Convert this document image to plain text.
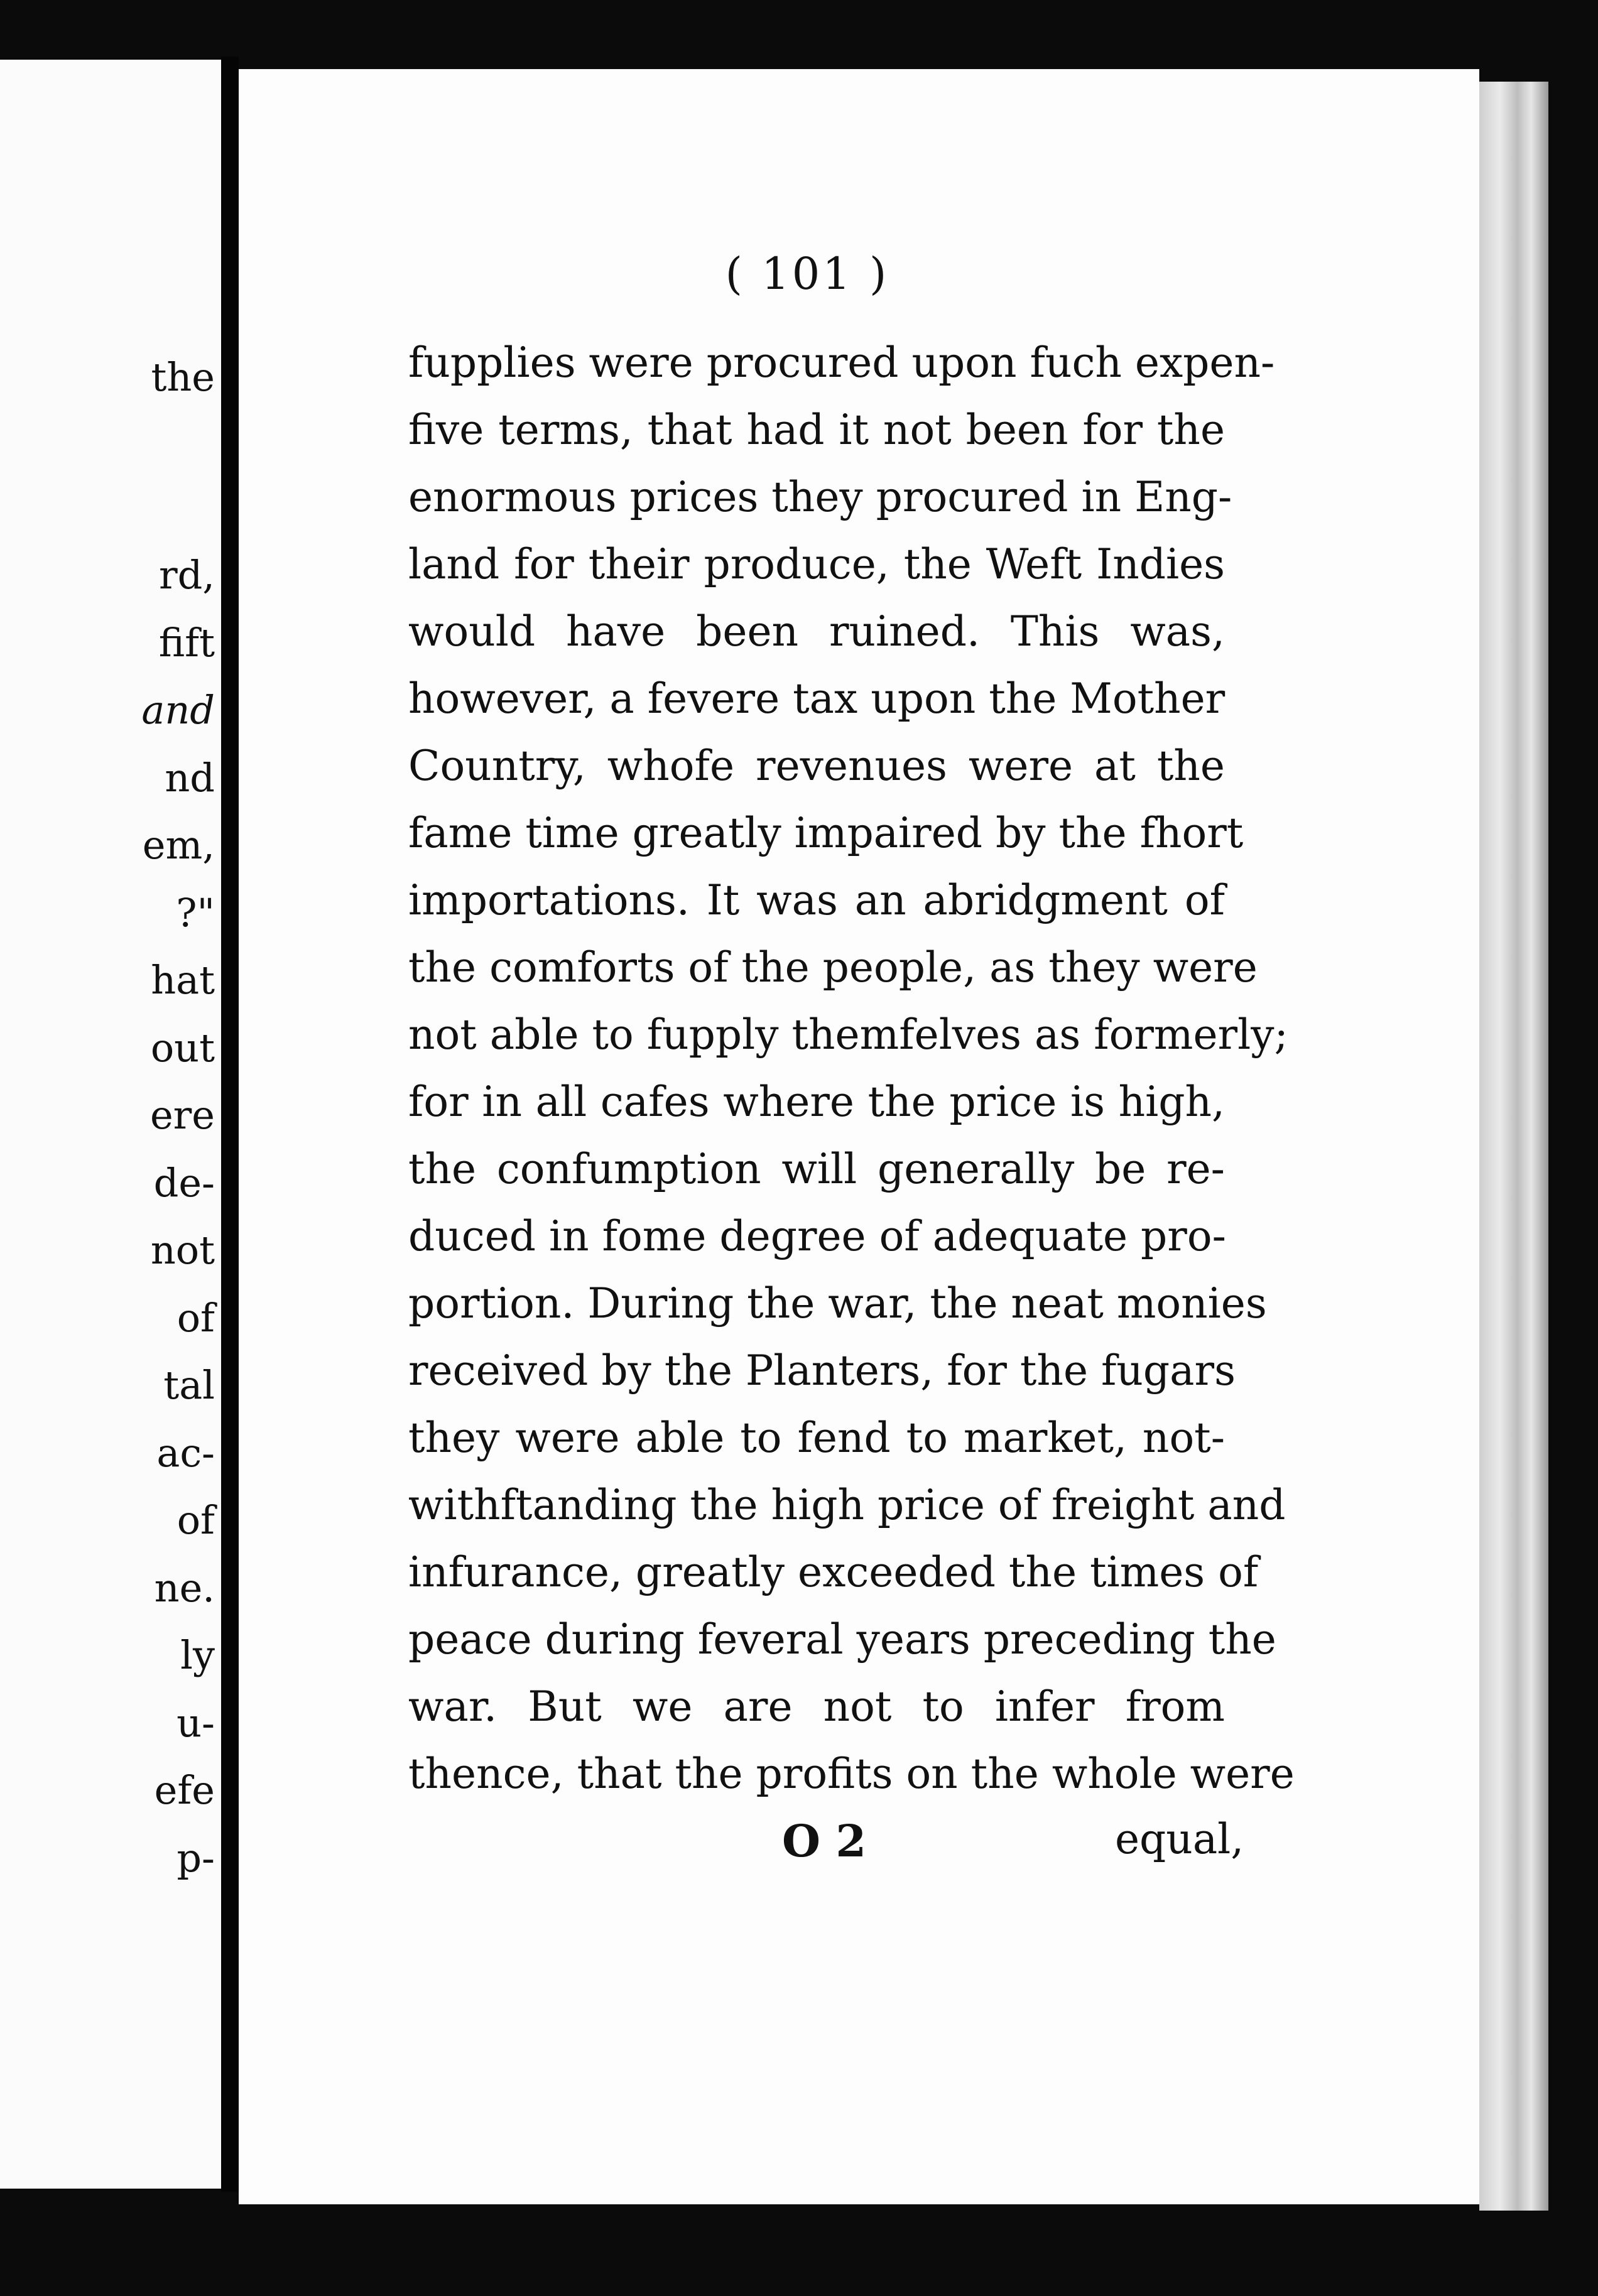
the
rd,
fift
and
nd
em,
?"
hat
out
ere
de-
not
of
tal
ac-
of
ne.
ly
u-
efe
p-
( 101 )
fupplies were procured upon fuch expen-
five terms, that had it not been for the
enormous prices they procured in Eng-
land for their produce, the Weft Indies
would have been ruined. This was,
however, a fevere tax upon the Mother
Country, whofe revenues were at the
fame time greatly impaired by the fhort
importations. It was an abridgment of
the comforts of the people, as they were
not able to fupply themfelves as formerly;
for in all cafes where the price is high,
the confumption will generally be re-
duced in fome degree of adequate pro-
portion. During the war, the neat monies
received by the Planters, for the fugars
they were able to fend to market, not-
withftanding the high price of freight and
infurance, greatly exceeded the times of
peace during feveral years preceding the
war. But we are not to infer from
thence, that the profits on the whole were
O 2	equal,
